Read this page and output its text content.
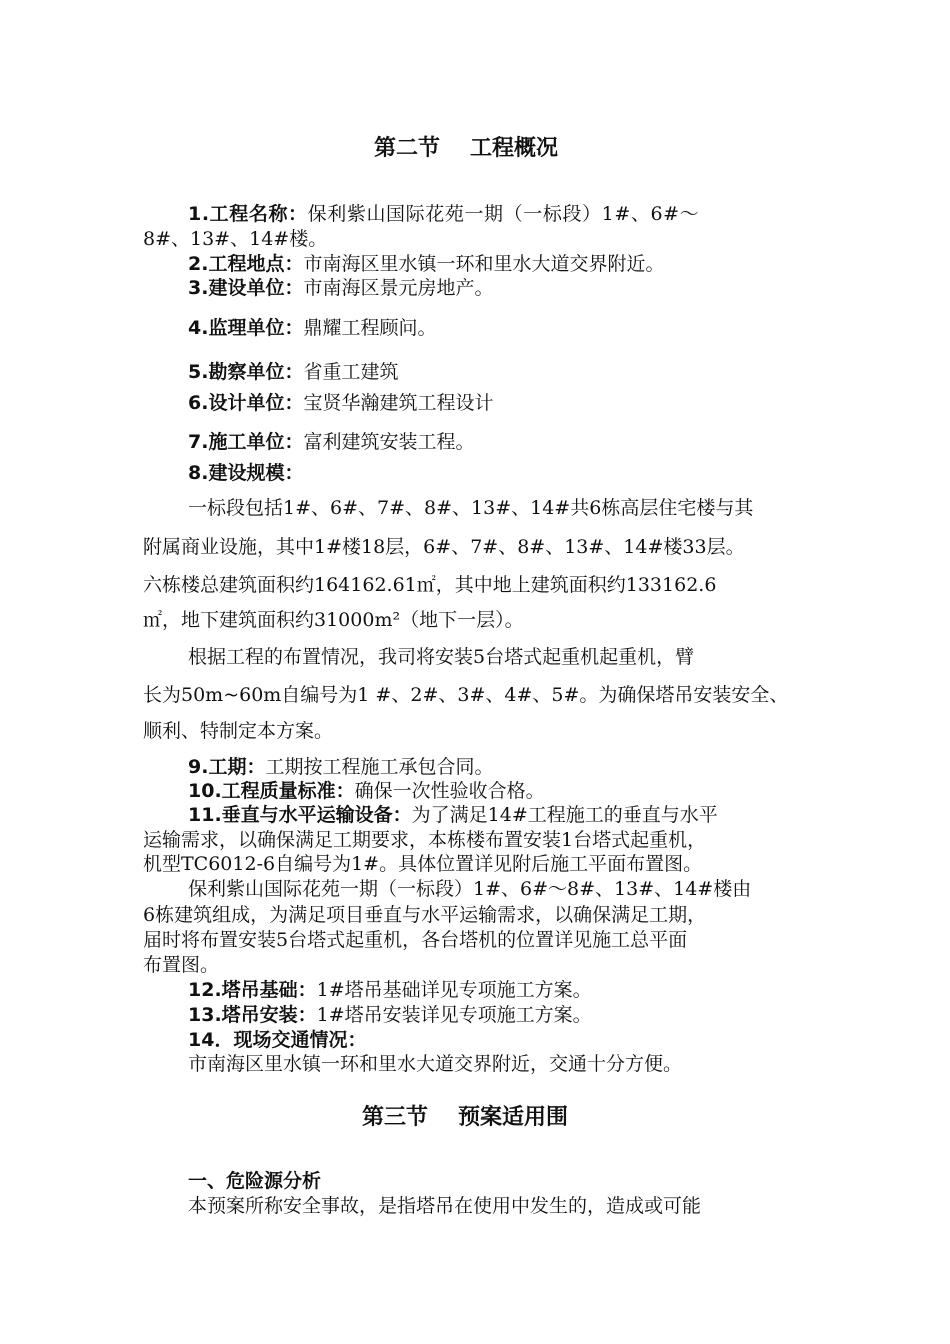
第二节 工程概况
1.工程名称：保利紫山国际花苑一期（一标段）1#、6#～
8#、13#、14#楼。
2.工程地点：市南海区里水镇一环和里水大道交界附近。
3.建设单位：市南海区景元房地产。
4.监理单位：鼎耀工程顾问。
5.勘察单位：省重工建筑
6.设计单位：宝贤华瀚建筑工程设计
7.施工单位：富利建筑安装工程。
8.建设规模：
一标段包括1#、6#、7#、8#、13#、14#共6栋高层住宅楼与其
附属商业设施，其中1#楼18层，6#、7#、8#、13#、14#楼33层。
六栋楼总建筑面积约164162.61㎡，其中地上建筑面积约133162.6
㎡，地下建筑面积约31000m²（地下一层）。
根据工程的布置情况，我司将安装5台塔式起重机起重机，臂
长为50m~60m自编号为1 #、2#、3#、4#、5#。为确保塔吊安装安全、
顺利、特制定本方案。
9.工期：工期按工程施工承包合同。
10.工程质量标准：确保一次性验收合格。
11.垂直与水平运输设备：为了满足14#工程施工的垂直与水平
运输需求，以确保满足工期要求，本栋楼布置安装1台塔式起重机，
机型TC6012-6自编号为1#。具体位置详见附后施工平面布置图。
保利紫山国际花苑一期（一标段）1#、6#～8#、13#、14#楼由
6栋建筑组成，为满足项目垂直与水平运输需求，以确保满足工期，
届时将布置安装5台塔式起重机，各台塔机的位置详见施工总平面
布置图。
12.塔吊基础：1#塔吊基础详见专项施工方案。
13.塔吊安装：1#塔吊安装详见专项施工方案。
14．现场交通情况：
市南海区里水镇一环和里水大道交界附近，交通十分方便。
第三节 预案适用围
一、危险源分析
本预案所称安全事故，是指塔吊在使用中发生的，造成或可能
